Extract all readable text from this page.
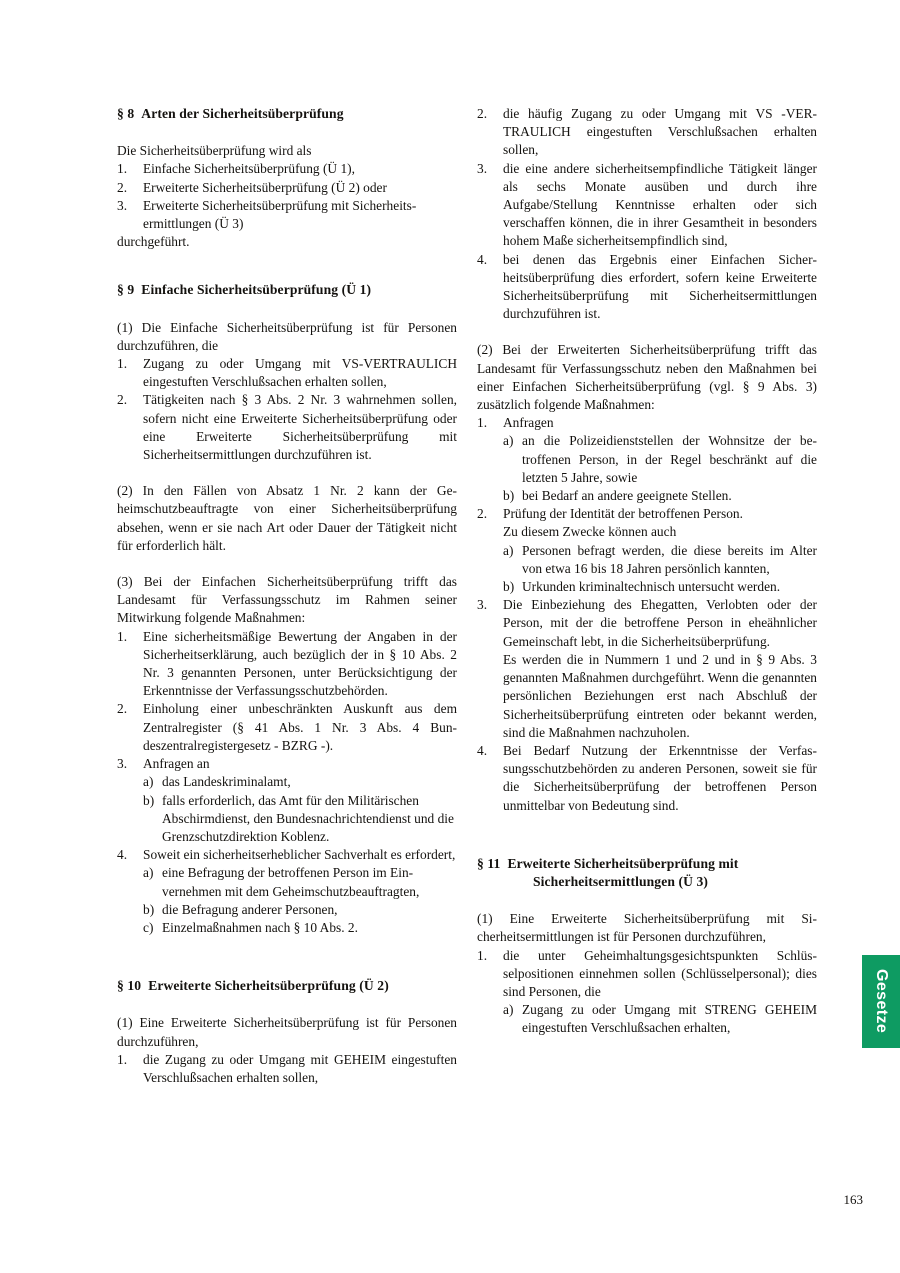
§ 8 Arten der Sicherheitsüberprüfung

Die Sicherheitsüberprüfung wird als

1.	Einfache Sicherheitsüberprüfung (Ü 1),
2.	Erweiterte Sicherheitsüberprüfung (Ü 2) oder
3.	Erweiterte Sicherheitsüberprüfung mit Sicherheitsermittlungen (Ü 3)

durchgeführt.

§ 9 Einfache Sicherheitsüberprüfung (Ü 1)

(1) Die Einfache Sicherheitsüberprüfung ist für Personen durchzuführen, die

1.	Zugang zu oder Umgang mit VS-VERTRAULICH eingestuften Verschlußsachen erhalten sollen,
2.	Tätigkeiten nach § 3 Abs. 2 Nr. 3 wahrnehmen sollen, sofern nicht eine Erweiterte Sicherheitsüberprüfung oder eine Erweiterte Sicherheitsüberprüfung mit Sicherheitsermittlungen durchzuführen ist.

(2) In den Fällen von Absatz 1 Nr. 2 kann der Geheimschutzbeauftragte von einer Sicherheitsüberprüfung absehen, wenn er sie nach Art oder Dauer der Tätigkeit nicht für erforderlich hält.

(3) Bei der Einfachen Sicherheitsüberprüfung trifft das Landesamt für Verfassungsschutz im Rahmen seiner Mitwirkung folgende Maßnahmen:

1.	Eine sicherheitsmäßige Bewertung der Angaben in der Sicherheitserklärung, auch bezüglich der in § 10 Abs. 2 Nr. 3 genannten Personen, unter Berücksichtigung der Erkenntnisse der Verfassungsschutzbehörden.
2.	Einholung einer unbeschränkten Auskunft aus dem Zentralregister (§ 41 Abs. 1 Nr. 3 Abs. 4 Bundeszentralregistergesetz - BZRG -).
3.	Anfragen an
a) das Landeskriminalamt,
b) falls erforderlich, das Amt für den Militärischen Abschirmdienst, den Bundesnachrichtendienst und die Grenzschutzdirektion Koblenz.
4.	Soweit ein sicherheitserheblicher Sachverhalt es erfordert,
a) eine Befragung der betroffenen Person im Einvernehmen mit dem Geheimschutzbeauftragten,
b) die Befragung anderer Personen,
c) Einzelmaßnahmen nach § 10 Abs. 2.
§ 10 Erweiterte Sicherheitsüberprüfung (Ü 2)

(1) Eine Erweiterte Sicherheitsüberprüfung ist für Personen durchzuführen,

1.	die Zugang zu oder Umgang mit GEHEIM eingestuften Verschlußsachen erhalten sollen,
2.	die häufig Zugang zu oder Umgang mit VS -VERTRAULICH eingestuften Verschlußsachen erhalten sollen,
3.	die eine andere sicherheitsempfindliche Tätigkeit länger als sechs Monate ausüben und durch ihre Aufgabe/Stellung Kenntnisse erhalten oder sich verschaffen können, die in ihrer Gesamtheit in besonders hohem Maße sicherheitsempfindlich sind,
4.	bei denen das Ergebnis einer Einfachen Sicherheitsüberprüfung dies erfordert, sofern keine Erweiterte Sicherheitsüberprüfung mit Sicherheitsermittlungen durchzuführen ist.

(2) Bei der Erweiterten Sicherheitsüberprüfung trifft das Landesamt für Verfassungsschutz neben den Maßnahmen bei einer Einfachen Sicherheitsüberprüfung (vgl. § 9 Abs. 3) zusätzlich folgende Maßnahmen:

1.	Anfragen
a) an die Polizeidienststellen der Wohnsitze der betroffenen Person, in der Regel beschränkt auf die letzten 5 Jahre, sowie
b) bei Bedarf an andere geeignete Stellen.
2.	Prüfung der Identität der betroffenen Person.
Zu diesem Zwecke können auch
a) Personen befragt werden, die diese bereits im Alter von etwa 16 bis 18 Jahren persönlich kannten,
b) Urkunden kriminaltechnisch untersucht werden.
3.	Die Einbeziehung des Ehegatten, Verlobten oder der Person, mit der die betroffene Person in eheähnlicher Gemeinschaft lebt, in die Sicherheitsüberprüfung.
Es werden die in Nummern 1 und 2 und in § 9 Abs. 3 genannten Maßnahmen durchgeführt. Wenn die genannten persönlichen Beziehungen erst nach Abschluß der Sicherheitsüberprüfung eintreten oder bekannt werden, sind die Maßnahmen nachzuholen.
4.	Bei Bedarf Nutzung der Erkenntnisse der Verfassungsschutzbehörden zu anderen Personen, soweit sie für die Sicherheitsüberprüfung der betroffenen Person unmittelbar von Bedeutung sind.
§ 11 Erweiterte Sicherheitsüberprüfung mit Sicherheitsermittlungen (Ü 3)

(1) Eine Erweiterte Sicherheitsüberprüfung mit Sicherheitsermittlungen ist für Personen durchzuführen,

1.	die unter Geheimhaltungsgesichtspunkten Schlüsselpositionen einnehmen sollen (Schlüsselpersonal); dies sind Personen, die
a) Zugang zu oder Umgang mit STRENG GEHEIM eingestuften Verschlußsachen erhalten,	Gesetze
163
